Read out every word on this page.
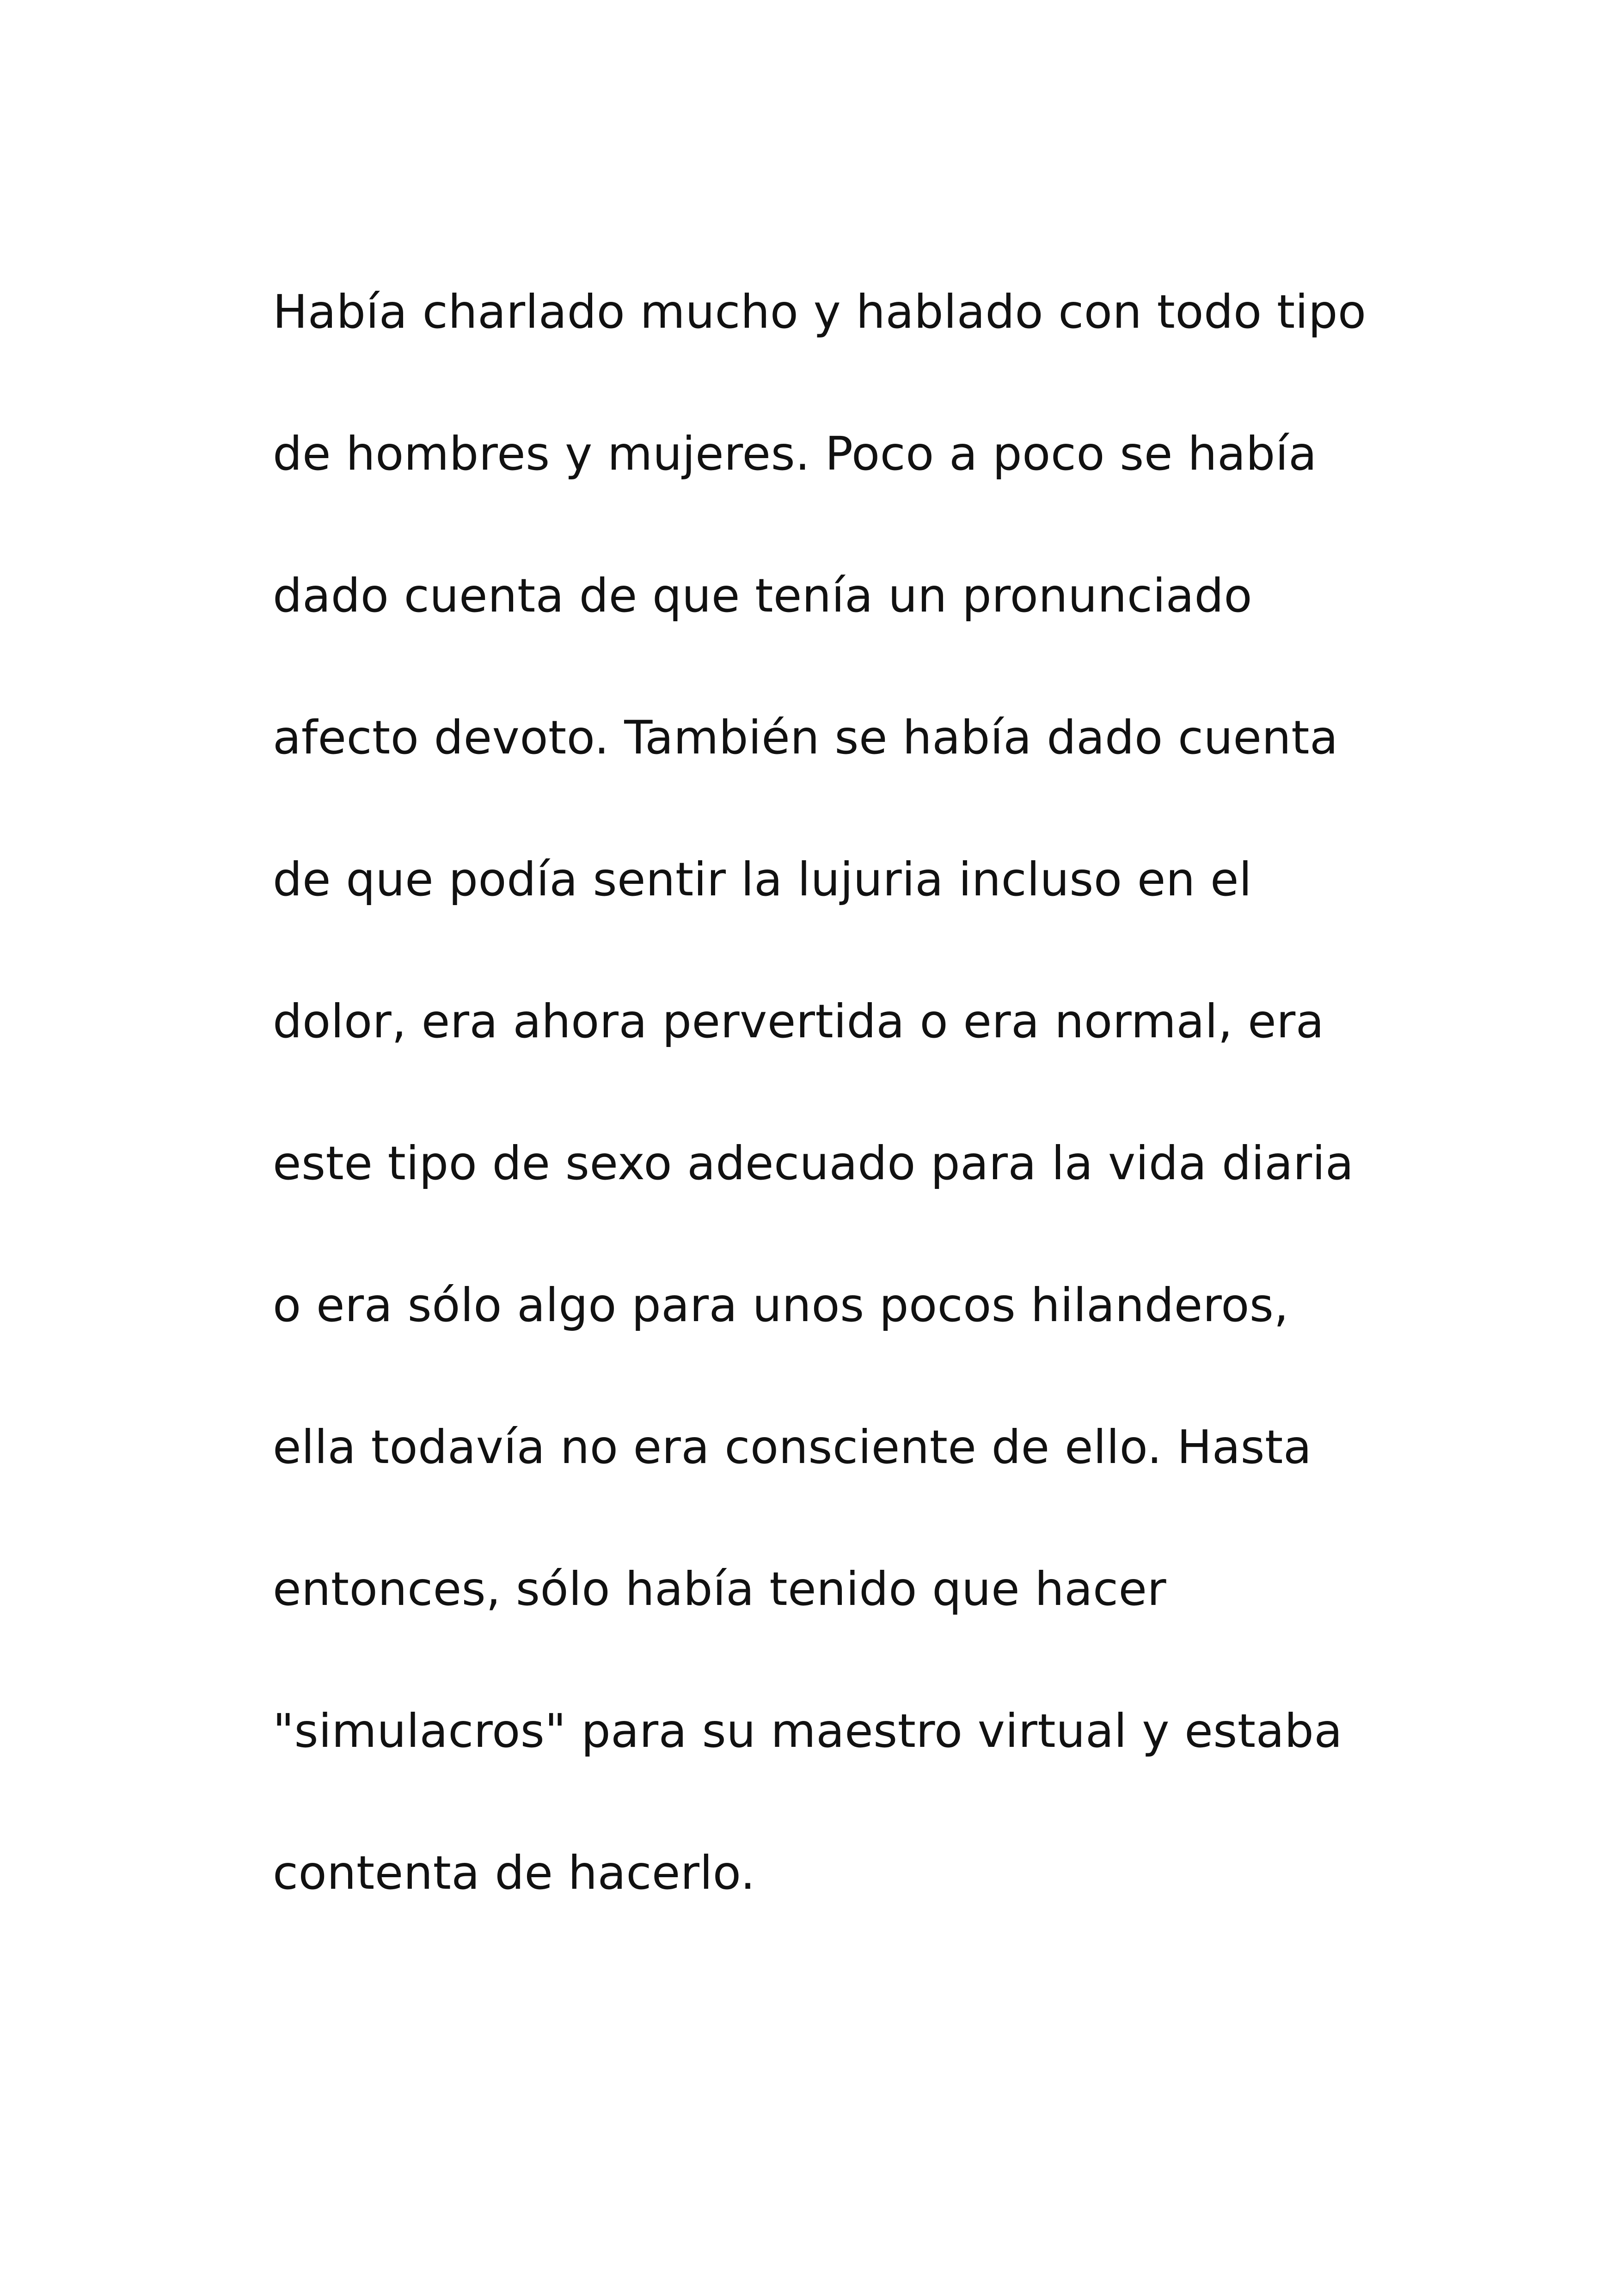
Había charlado mucho y hablado con todo tipo
de hombres y mujeres. Poco a poco se había
dado cuenta de que tenía un pronunciado
afecto devoto. También se había dado cuenta
de que podía sentir la lujuria incluso en el
dolor, era ahora pervertida o era normal, era
este tipo de sexo adecuado para la vida diaria
o era sólo algo para unos pocos hilanderos,
ella todavía no era consciente de ello. Hasta
entonces, sólo había tenido que hacer
"simulacros" para su maestro virtual y estaba
contenta de hacerlo.
